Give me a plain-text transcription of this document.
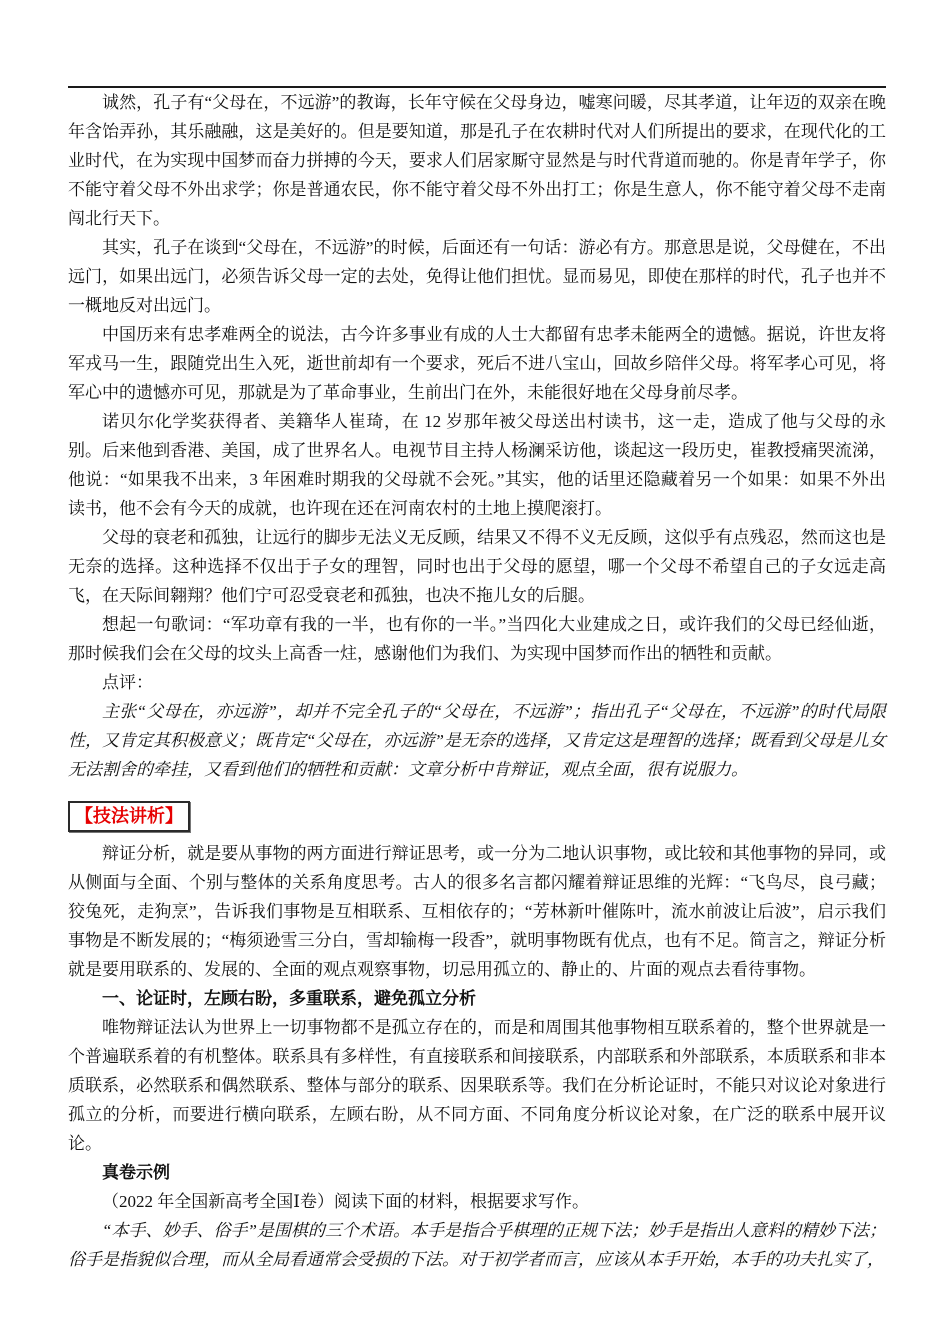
诚然，孔子有“父母在，不远游”的教诲，长年守候在父母身边，嘘寒问暖，尽其孝道，让年迈的双亲在晚年含饴弄孙，其乐融融，这是美好的。但是要知道，那是孔子在农耕时代对人们所提出的要求，在现代化的工业时代，在为实现中国梦而奋力拼搏的今天，要求人们居家厮守显然是与时代背道而驰的。你是青年学子，你不能守着父母不外出求学；你是普通农民，你不能守着父母不外出打工；你是生意人，你不能守着父母不走南闯北行天下。

其实，孔子在谈到“父母在，不远游”的时候，后面还有一句话：游必有方。那意思是说，父母健在，不出远门，如果出远门，必须告诉父母一定的去处，免得让他们担忧。显而易见，即使在那样的时代，孔子也并不一概地反对出远门。

中国历来有忠孝难两全的说法，古今许多事业有成的人士大都留有忠孝未能两全的遗憾。据说，许世友将军戎马一生，跟随党出生入死，逝世前却有一个要求，死后不进八宝山，回故乡陪伴父母。将军孝心可见，将军心中的遗憾亦可见，那就是为了革命事业，生前出门在外，未能很好地在父母身前尽孝。

诺贝尔化学奖获得者、美籍华人崔琦，在 12 岁那年被父母送出村读书，这一走，造成了他与父母的永别。后来他到香港、美国，成了世界名人。电视节目主持人杨澜采访他，谈起这一段历史，崔教授痛哭流涕，他说：“如果我不出来，3 年困难时期我的父母就不会死。”其实，他的话里还隐藏着另一个如果：如果不外出读书，他不会有今天的成就，也许现在还在河南农村的土地上摸爬滚打。

父母的衰老和孤独，让远行的脚步无法义无反顾，结果又不得不义无反顾，这似乎有点残忍，然而这也是无奈的选择。这种选择不仅出于子女的理智，同时也出于父母的愿望，哪一个父母不希望自己的子女远走高飞，在天际间翱翔？他们宁可忍受衰老和孤独，也决不拖儿女的后腿。

想起一句歌词：“军功章有我的一半，也有你的一半。”当四化大业建成之日，或许我们的父母已经仙逝，那时候我们会在父母的坟头上高香一炷，感谢他们为我们、为实现中国梦而作出的牺牲和贡献。

点评：

主张“父母在，亦远游”，却并不完全孔子的“父母在，不远游”；指出孔子“父母在，不远游”的时代局限性，又肯定其积极意义；既肯定“父母在，亦远游”是无奈的选择，又肯定这是理智的选择；既看到父母是儿女无法割舍的牵挂，又看到他们的牺牲和贡献：文章分析中肯辩证，观点全面，很有说服力。

【技法讲析】

辩证分析，就是要从事物的两方面进行辩证思考，或一分为二地认识事物，或比较和其他事物的异同，或从侧面与全面、个别与整体的关系角度思考。古人的很多名言都闪耀着辩证思维的光辉：“飞鸟尽，良弓藏；狡兔死，走狗烹”，告诉我们事物是互相联系、互相依存的；“芳林新叶催陈叶，流水前波让后波”，启示我们事物是不断发展的；“梅须逊雪三分白，雪却输梅一段香”，就明事物既有优点，也有不足。简言之，辩证分析就是要用联系的、发展的、全面的观点观察事物，切忌用孤立的、静止的、片面的观点去看待事物。

一、论证时，左顾右盼，多重联系，避免孤立分析

唯物辩证法认为世界上一切事物都不是孤立存在的，而是和周围其他事物相互联系着的，整个世界就是一个普遍联系着的有机整体。联系具有多样性，有直接联系和间接联系，内部联系和外部联系，本质联系和非本质联系，必然联系和偶然联系、整体与部分的联系、因果联系等。我们在分析论证时，不能只对议论对象进行孤立的分析，而要进行横向联系，左顾右盼，从不同方面、不同角度分析议论对象，在广泛的联系中展开议论。

真卷示例

（2022 年全国新高考全国Ⅰ卷）阅读下面的材料，根据要求写作。

“本手、妙手、俗手”是围棋的三个术语。本手是指合乎棋理的正规下法；妙手是指出人意料的精妙下法；俗手是指貌似合理，而从全局看通常会受损的下法。对于初学者而言，应该从本手开始，本手的功夫扎实了，
